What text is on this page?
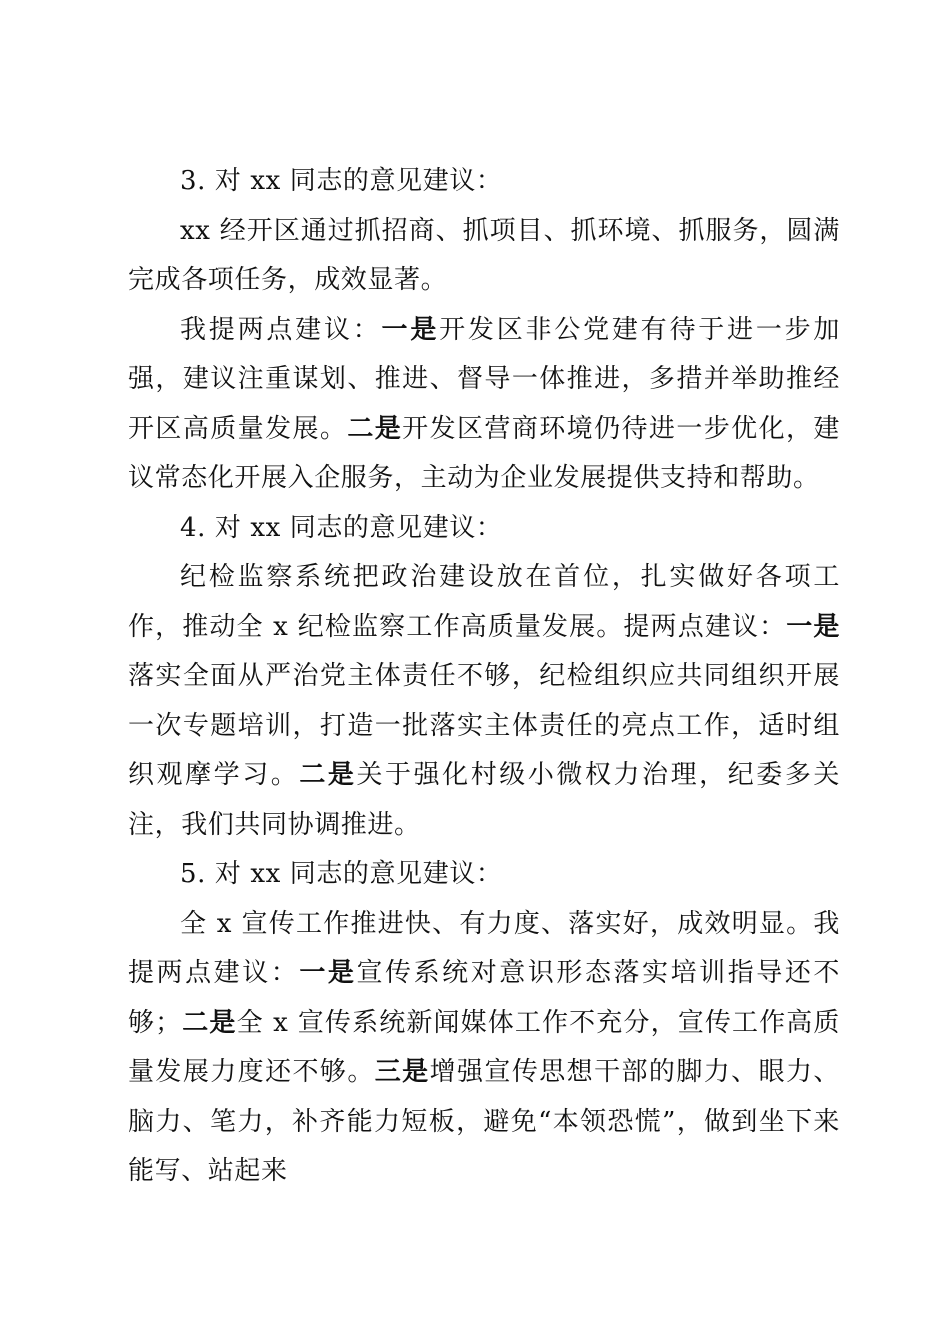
3. 对 xx 同志的意见建议：

xx 经开区通过抓招商、抓项目、抓环境、抓服务，圆满完成各项任务，成效显著。

我提两点建议：一是开发区非公党建有待于进一步加强，建议注重谋划、推进、督导一体推进，多措并举助推经开区高质量发展。二是开发区营商环境仍待进一步优化，建议常态化开展入企服务，主动为企业发展提供支持和帮助。

4. 对 xx 同志的意见建议：

纪检监察系统把政治建设放在首位，扎实做好各项工作，推动全 x 纪检监察工作高质量发展。提两点建议：一是落实全面从严治党主体责任不够，纪检组织应共同组织开展一次专题培训，打造一批落实主体责任的亮点工作，适时组织观摩学习。二是关于强化村级小微权力治理，纪委多关注，我们共同协调推进。

5. 对 xx 同志的意见建议：

全 x 宣传工作推进快、有力度、落实好，成效明显。我提两点建议：一是宣传系统对意识形态落实培训指导还不够；二是全 x 宣传系统新闻媒体工作不充分，宣传工作高质量发展力度还不够。三是增强宣传思想干部的脚力、眼力、脑力、笔力，补齐能力短板，避免“本领恐慌”，做到坐下来能写、站起来
